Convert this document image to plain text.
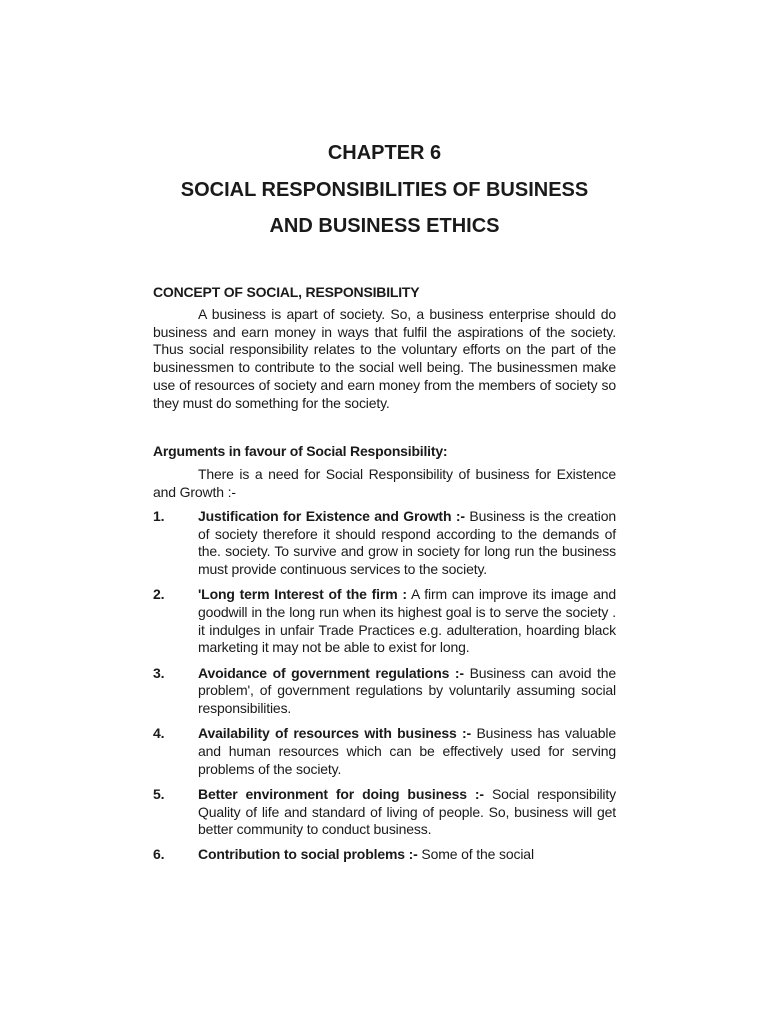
CHAPTER 6
SOCIAL RESPONSIBILITIES OF BUSINESS
AND BUSINESS ETHICS
CONCEPT OF SOCIAL, RESPONSIBILITY

A business is apart of society. So, a business enterprise should do business and earn money in ways that fulfil the aspirations of the society. Thus social responsibility relates to the voluntary efforts on the part of the businessmen to contribute to the social well being. The businessmen make use of resources of society and earn money from the members of society so they must do something for the society.

Arguments in favour of Social Responsibility:

There is a need for Social Responsibility of business for Existence and Growth :-

1. Justification for Existence and Growth :- Business is the creation of society therefore it should respond according to the demands of the. society. To survive and grow in society for long run the business must provide continuous services to the society.
2. 'Long term Interest of the firm : A firm can improve its image and goodwill in the long run when its highest goal is to serve the society . it indulges in unfair Trade Practices e.g. adulteration, hoarding black marketing it may not be able to exist for long.
3. Avoidance of government regulations :- Business can avoid the problem', of government regulations by voluntarily assuming social responsibilities.
4. Availability of resources with business :- Business has valuable and human resources which can be effectively used for serving problems of the society.
5. Better environment for doing business :- Social responsibility Quality of life and standard of living of people. So, business will get better community to conduct business.
6. Contribution to social problems :- Some of the social
